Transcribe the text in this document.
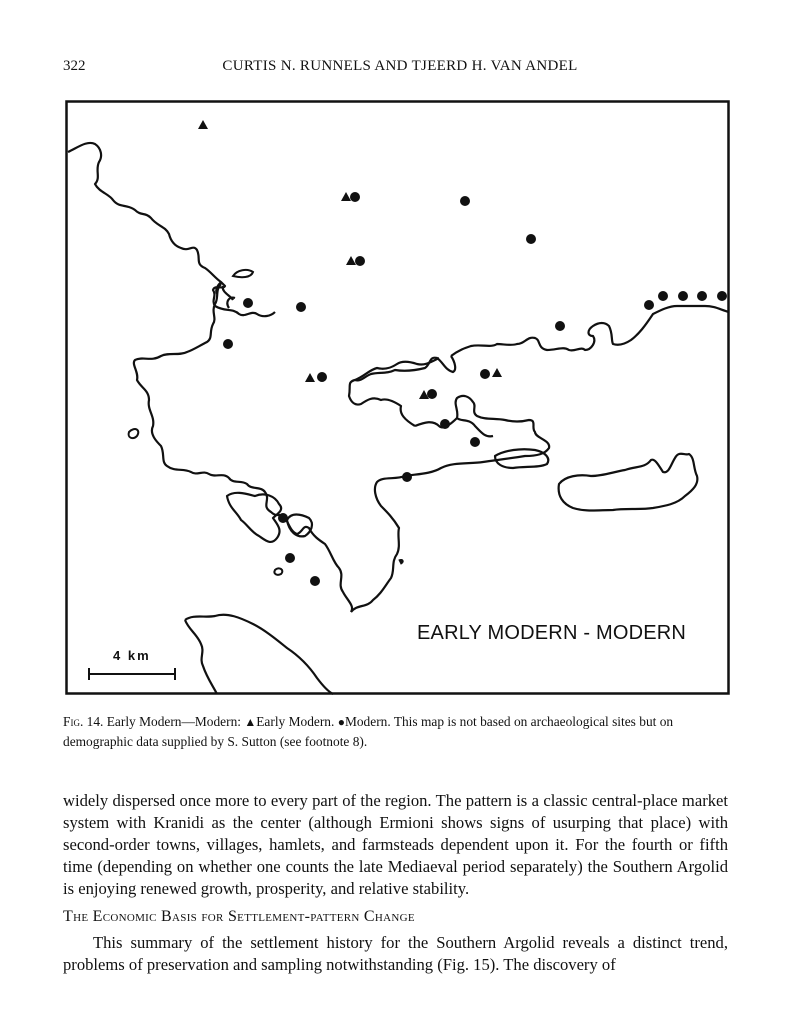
322	CURTIS N. RUNNELS AND TJEERD H. VAN ANDEL
EARLY MODERN - MODERN
4 km
Fig. 14. Early Modern—Modern: ▲Early Modern. ●Modern. This map is not based on archaeological sites but on demographic data supplied by S. Sutton (see footnote 8).

widely dispersed once more to every part of the region. The pattern is a classic central-place market system with Kranidi as the center (although Ermioni shows signs of usurping that place) with second-order towns, villages, hamlets, and farmsteads dependent upon it. For the fourth or fifth time (depending on whether one counts the late Mediaeval period separately) the Southern Argolid is enjoying renewed growth, prosperity, and relative stability.

The Economic Basis for Settlement-pattern Change

This summary of the settlement history for the Southern Argolid reveals a distinct trend, problems of preservation and sampling notwithstanding (Fig. 15). The discovery of
